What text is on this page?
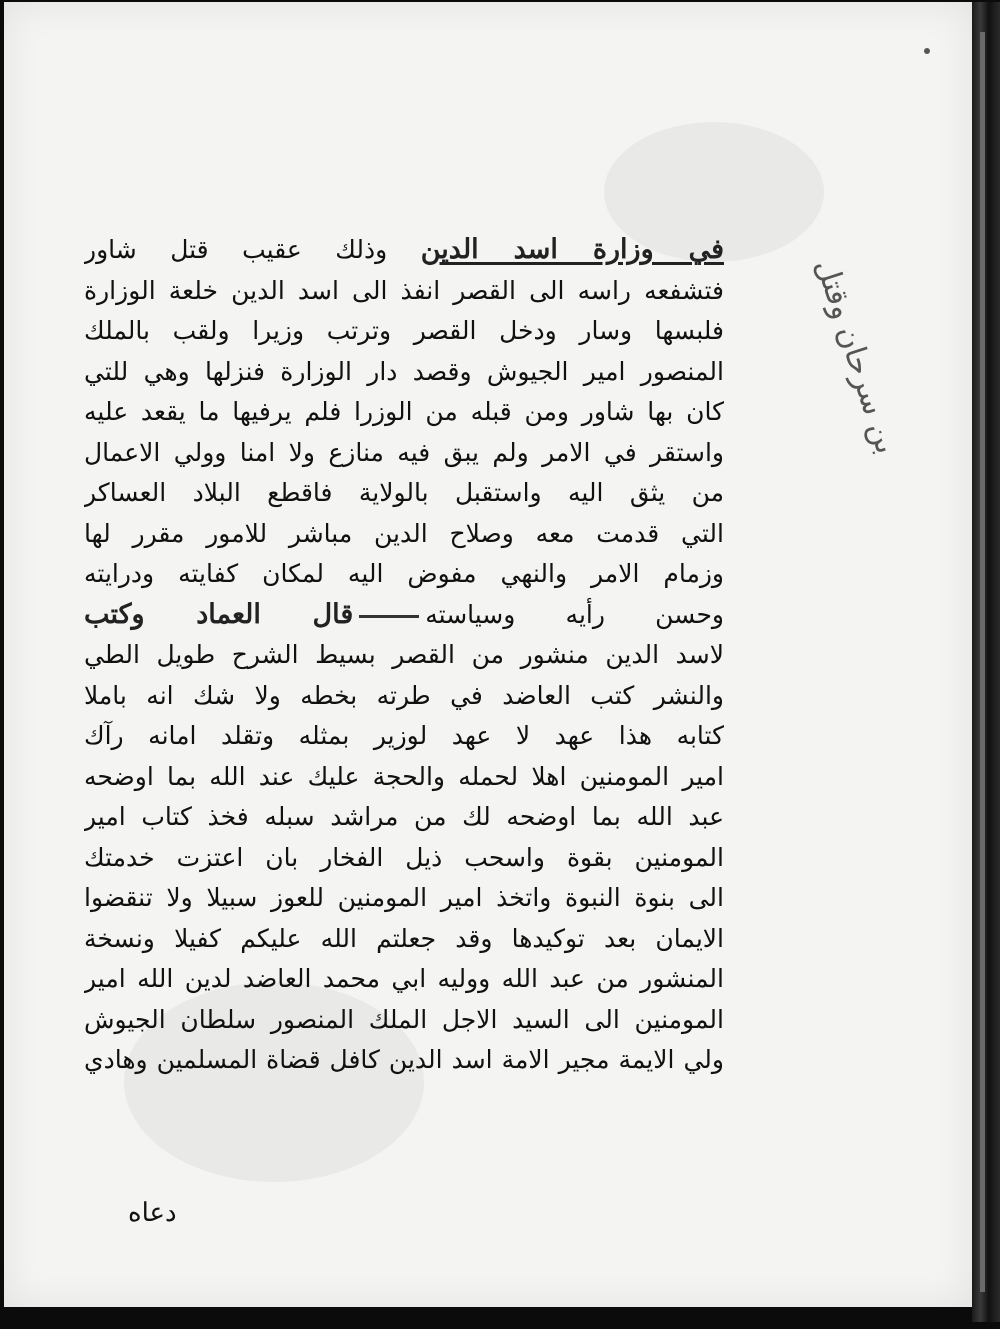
في وزارة اسد الدين وذلك عقيب قتل شاور
فتشفعه راسه الى القصر انفذ الى اسد الدين خلعة الوزارة
فلبسها وسار ودخل القصر وترتب وزيرا ولقب بالملك
المنصور امير الجيوش وقصد دار الوزارة فنزلها وهي للتي
كان بها شاور ومن قبله من الوزرا فلم يرفيها ما يقعد عليه
واستقر في الامر ولم يبق فيه منازع ولا امنا وولي الاعمال
من يثق اليه واستقبل بالولاية فاقطع البلاد العساكر
التي قدمت معه وصلاح الدين مباشر للامور مقرر لها
وزمام الامر والنهي مفوض اليه لمكان كفايته ودرايته
وحسن رأيه وسياستهقال العماد وكتب
لاسد الدين منشور من القصر بسيط الشرح طويل الطي
والنشر كتب العاضد في طرته بخطه ولا شك انه باملا
كتابه هذا عهد لا عهد لوزير بمثله وتقلد امانه رآك
امير المومنين اهلا لحمله والحجة عليك عند الله بما اوضحه
عبد الله بما اوضحه لك من مراشد سبله فخذ كتاب امير
المومنين بقوة واسحب ذيل الفخار بان اعتزت خدمتك
الى بنوة النبوة واتخذ امير المومنين للعوز سبيلا ولا تنقضوا
الايمان بعد توكيدها وقد جعلتم الله عليكم كفيلا ونسخة
المنشور من عبد الله ووليه ابي محمد العاضد لدين الله امير
المومنين الى السيد الاجل الملك المنصور سلطان الجيوش
ولي الايمة مجير الامة اسد الدين كافل قضاة المسلمين وهادي
بن سرحان وقتل
دعاه
